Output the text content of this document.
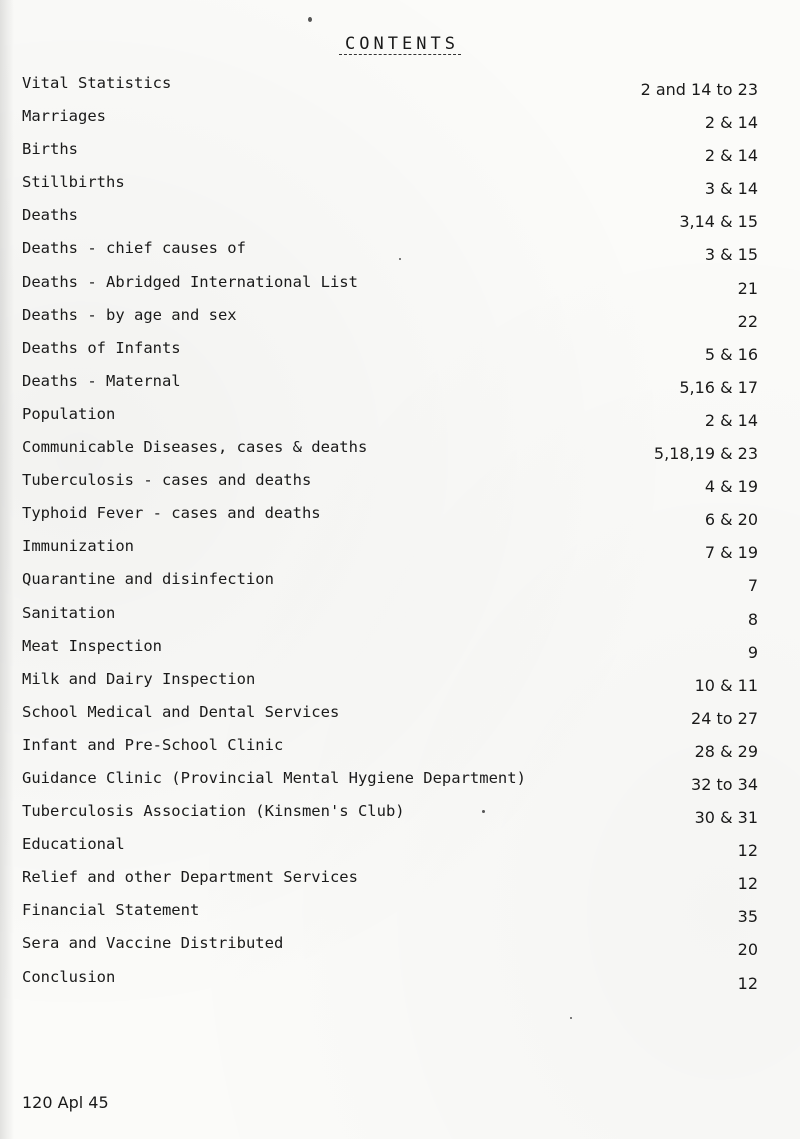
CONTENTS
Vital Statistics	2 and 14 to 23
Marriages	2 & 14
Births	2 & 14
Stillbirths	3 & 14
Deaths	3,14 & 15
Deaths - chief causes of	3 & 15
Deaths - Abridged International List	21
Deaths - by age and sex	22
Deaths of Infants	5 & 16
Deaths - Maternal	5,16 & 17
Population	2 & 14
Communicable Diseases, cases & deaths	5,18,19 & 23
Tuberculosis - cases and deaths	4 & 19
Typhoid Fever - cases and deaths	6 & 20
Immunization	7 & 19
Quarantine and disinfection	7
Sanitation	8
Meat Inspection	9
Milk and Dairy Inspection	10 & 11
School Medical and Dental Services	24 to 27
Infant and Pre-School Clinic	28 & 29
Guidance Clinic (Provincial Mental Hygiene Department)	32 to 34
Tuberculosis Association (Kinsmen's Club)	30 & 31
Educational	12
Relief and other Department Services	12
Financial Statement	35
Sera and Vaccine Distributed	20
Conclusion	12
120 Apl 45
